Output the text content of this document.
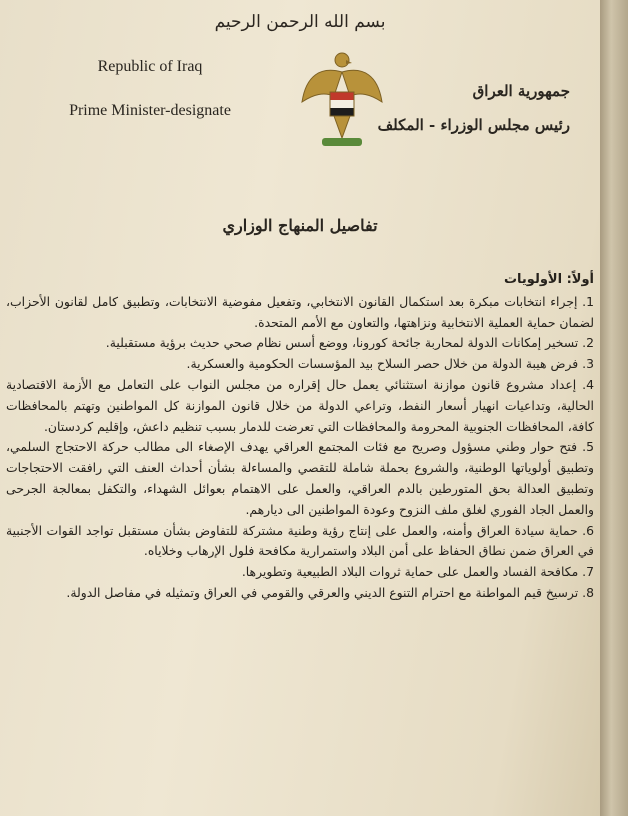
بسم الله الرحمن الرحيم
Republic of Iraq
Prime Minister-designate
جمهورية العراق
رئيس مجلس الوزراء - المكلف
تفاصيل المنهاج الوزاري
أولاً: الأولويات

1. إجراء انتخابات مبكرة بعد استكمال القانون الانتخابي، وتفعيل مفوضية الانتخابات، وتطبيق كامل لقانون الأحزاب، لضمان حماية العملية الانتخابية ونزاهتها، والتعاون مع الأمم المتحدة.

2. تسخير إمكانات الدولة لمحاربة جائحة كورونا، ووضع أسس نظام صحي حديث برؤية مستقبلية.

3. فرض هيبة الدولة من خلال حصر السلاح بيد المؤسسات الحكومية والعسكرية.

4. إعداد مشروع قانون موازنة استثنائي يعمل حال إقراره من مجلس النواب على التعامل مع الأزمة الاقتصادية الحالية، وتداعيات انهيار أسعار النفط، وتراعي الدولة من خلال قانون الموازنة كل المواطنين وتهتم بالمحافظات كافة، المحافظات الجنوبية المحرومة والمحافظات التي تعرضت للدمار بسبب تنظيم داعش، وإقليم كردستان.

5. فتح حوار وطني مسؤول وصريح مع فئات المجتمع العراقي يهدف الإصغاء الى مطالب حركة الاحتجاج السلمي، وتطبيق أولوياتها الوطنية، والشروع بحملة شاملة للتقصي والمساءلة بشأن أحداث العنف التي رافقت الاحتجاجات وتطبيق العدالة بحق المتورطين بالدم العراقي، والعمل على الاهتمام بعوائل الشهداء، والتكفل بمعالجة الجرحى والعمل الجاد الفوري لغلق ملف النزوح وعودة المواطنين الى ديارهم.

6. حماية سيادة العراق وأمنه، والعمل على إنتاج رؤية وطنية مشتركة للتفاوض بشأن مستقبل تواجد القوات الأجنبية في العراق ضمن نطاق الحفاظ على أمن البلاد واستمرارية مكافحة فلول الإرهاب وخلاياه.

7. مكافحة الفساد والعمل على حماية ثروات البلاد الطبيعية وتطويرها.

8. ترسيخ قيم المواطنة مع احترام التنوع الديني والعرقي والقومي في العراق وتمثيله في مفاصل الدولة.
